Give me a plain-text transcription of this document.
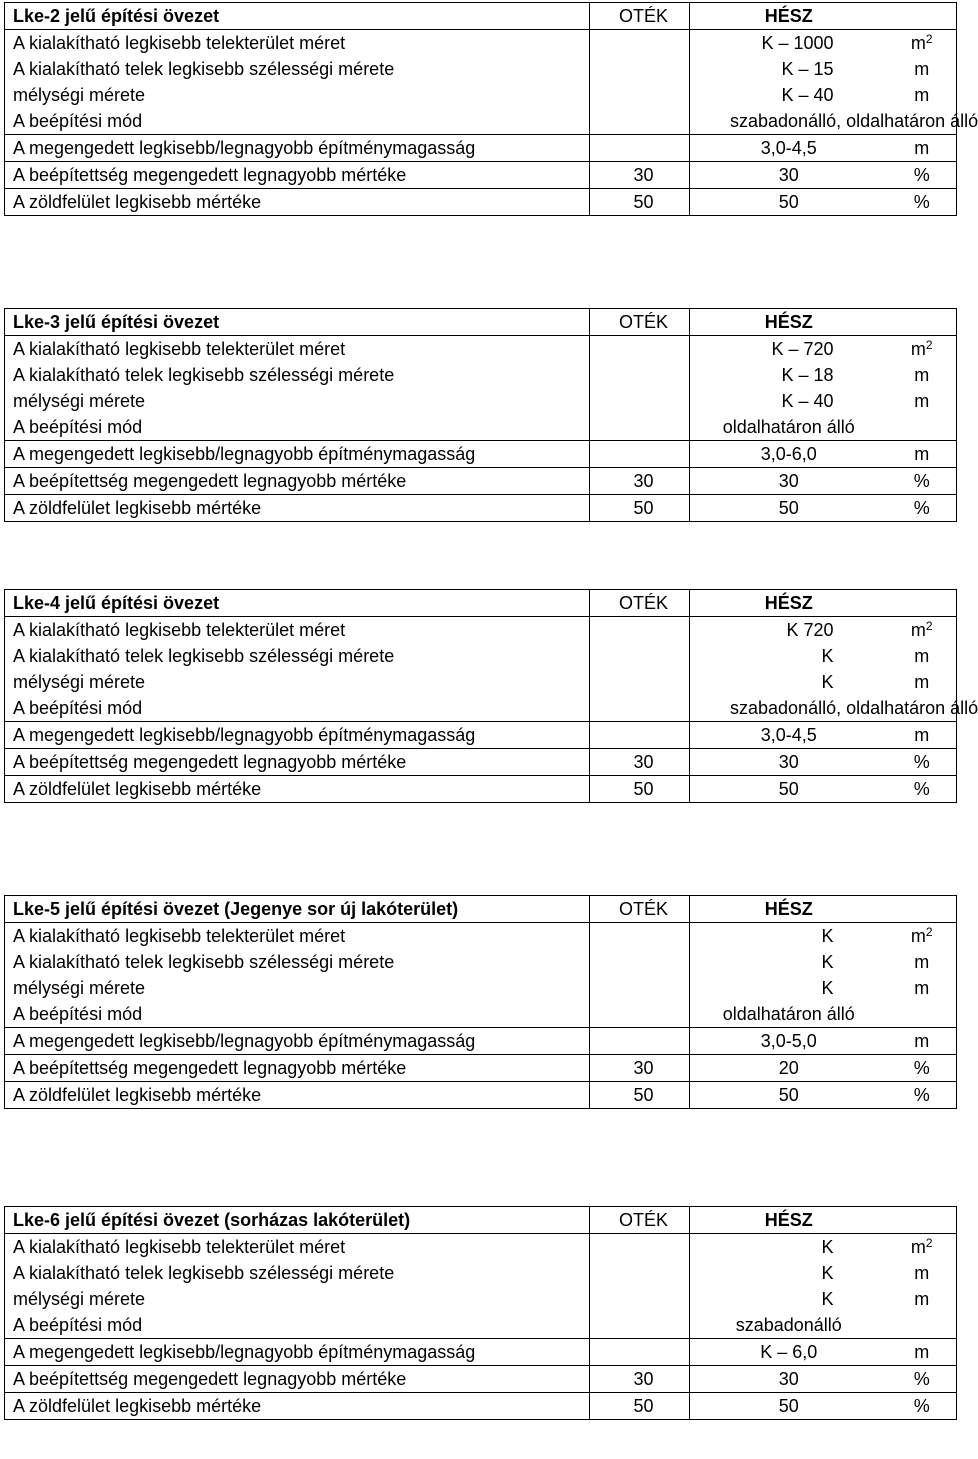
Lke-2 jelű építési övezet	OTÉK	HÉSZ	
A kialakítható legkisebb telekterület méret		K – 1000	$m^2$
A kialakítható telek legkisebb szélességi mérete		K – 15	m
mélységi mérete		K – 40	m
A beépítési mód		szabadonálló, oldalhatáron álló	
A megengedett legkisebb/legnagyobb építménymagasság		3,0-4,5	m
A beépítettség megengedett legnagyobb mértéke	30	30	%
A zöldfelület legkisebb mértéke	50	50	%
Lke-3 jelű építési övezet	OTÉK	HÉSZ	
A kialakítható legkisebb telekterület méret		K – 720	$m^2$
A kialakítható telek legkisebb szélességi mérete		K – 18	m
mélységi mérete		K – 40	m
A beépítési mód		oldalhatáron álló	
A megengedett legkisebb/legnagyobb építménymagasság		3,0-6,0	m
A beépítettség megengedett legnagyobb mértéke	30	30	%
A zöldfelület legkisebb mértéke	50	50	%
Lke-4 jelű építési övezet	OTÉK	HÉSZ	
A kialakítható legkisebb telekterület méret		K 720	$m^2$
A kialakítható telek legkisebb szélességi mérete		K	m
mélységi mérete		K	m
A beépítési mód		szabadonálló, oldalhatáron álló	
A megengedett legkisebb/legnagyobb építménymagasság		3,0-4,5	m
A beépítettség megengedett legnagyobb mértéke	30	30	%
A zöldfelület legkisebb mértéke	50	50	%
Lke-5 jelű építési övezet (Jegenye sor új lakóterület)	OTÉK	HÉSZ	
A kialakítható legkisebb telekterület méret		K	$m^2$
A kialakítható telek legkisebb szélességi mérete		K	m
mélységi mérete		K	m
A beépítési mód		oldalhatáron álló	
A megengedett legkisebb/legnagyobb építménymagasság		3,0-5,0	m
A beépítettség megengedett legnagyobb mértéke	30	20	%
A zöldfelület legkisebb mértéke	50	50	%
Lke-6 jelű építési övezet (sorházas lakóterület)	OTÉK	HÉSZ	
A kialakítható legkisebb telekterület méret		K	$m^2$
A kialakítható telek legkisebb szélességi mérete		K	m
mélységi mérete		K	m
A beépítési mód		szabadonálló	
A megengedett legkisebb/legnagyobb építménymagasság		K – 6,0	m
A beépítettség megengedett legnagyobb mértéke	30	30	%
A zöldfelület legkisebb mértéke	50	50	%
